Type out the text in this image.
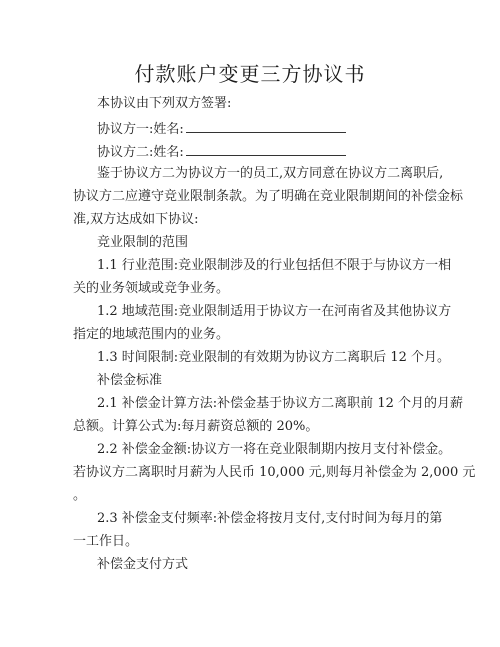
付款账户变更三方协议书
本协议由下列双方签署:
协议方一:姓名:
协议方二:姓名:
鉴于协议方二为协议方一的员工,双方同意在协议方二离职后,
协议方二应遵守竞业限制条款。为了明确在竞业限制期间的补偿金标
准,双方达成如下协议:
竞业限制的范围
1.1 行业范围:竞业限制涉及的行业包括但不限于与协议方一相
关的业务领域或竞争业务。
1.2 地域范围:竞业限制适用于协议方一在河南省及其他协议方
指定的地域范围内的业务。
1.3 时间限制:竞业限制的有效期为协议方二离职后 12 个月。
补偿金标准
2.1 补偿金计算方法:补偿金基于协议方二离职前 12 个月的月薪
总额。计算公式为:每月薪资总额的 20%。
2.2 补偿金金额:协议方一将在竞业限制期内按月支付补偿金。
若协议方二离职时月薪为人民币 10,000 元,则每月补偿金为 2,000 元
。
2.3 补偿金支付频率:补偿金将按月支付,支付时间为每月的第
一工作日。
补偿金支付方式
